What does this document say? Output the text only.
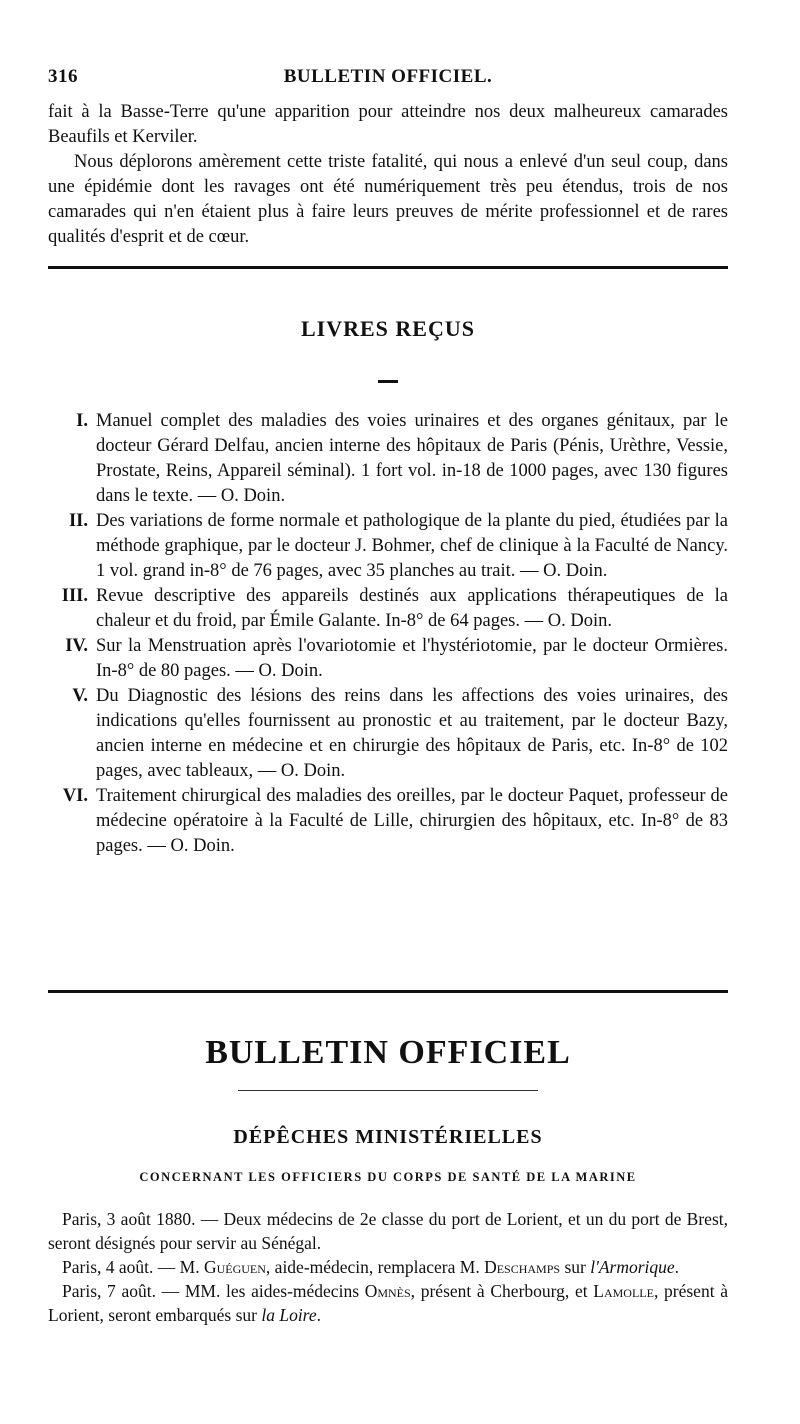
316	BULLETIN OFFICIEL.

fait à la Basse-Terre qu'une apparition pour atteindre nos deux malheureux camarades Beaufils et Kerviler.

Nous déplorons amèrement cette triste fatalité, qui nous a enlevé d'un seul coup, dans une épidémie dont les ravages ont été numériquement très peu étendus, trois de nos camarades qui n'en étaient plus à faire leurs preuves de mérite professionnel et de rares qualités d'esprit et de cœur.

LIVRES REÇUS

I. Manuel complet des maladies des voies urinaires et des organes génitaux, par le docteur Gérard Delfau, ancien interne des hôpitaux de Paris (Pénis, Urèthre, Vessie, Prostate, Reins, Appareil séminal). 1 fort vol. in-18 de 1000 pages, avec 130 figures dans le texte. — O. Doin.

II. Des variations de forme normale et pathologique de la plante du pied, étudiées par la méthode graphique, par le docteur J. Bohmer, chef de clinique à la Faculté de Nancy. 1 vol. grand in-8° de 76 pages, avec 35 planches au trait. — O. Doin.

III. Revue descriptive des appareils destinés aux applications thérapeutiques de la chaleur et du froid, par Émile Galante. In-8° de 64 pages. — O. Doin.

IV. Sur la Menstruation après l'ovariotomie et l'hystériotomie, par le docteur Ormières. In-8° de 80 pages. — O. Doin.

V. Du Diagnostic des lésions des reins dans les affections des voies urinaires, des indications qu'elles fournissent au pronostic et au traitement, par le docteur Bazy, ancien interne en médecine et en chirurgie des hôpitaux de Paris, etc. In-8° de 102 pages, avec tableaux, — O. Doin.

VI. Traitement chirurgical des maladies des oreilles, par le docteur Paquet, professeur de médecine opératoire à la Faculté de Lille, chirurgien des hôpitaux, etc. In-8° de 83 pages. — O. Doin.

BULLETIN OFFICIEL
DÉPÊCHES MINISTÉRIELLES
CONCERNANT LES OFFICIERS DU CORPS DE SANTÉ DE LA MARINE

Paris, 3 août 1880. — Deux médecins de 2e classe du port de Lorient, et un du port de Brest, seront désignés pour servir au Sénégal.

Paris, 4 août. — M. Guéguen, aide-médecin, remplacera M. Deschamps sur l'Armorique.

Paris, 7 août. — MM. les aides-médecins Omnès, présent à Cherbourg, et Lamolle, présent à Lorient, seront embarqués sur la Loire.
